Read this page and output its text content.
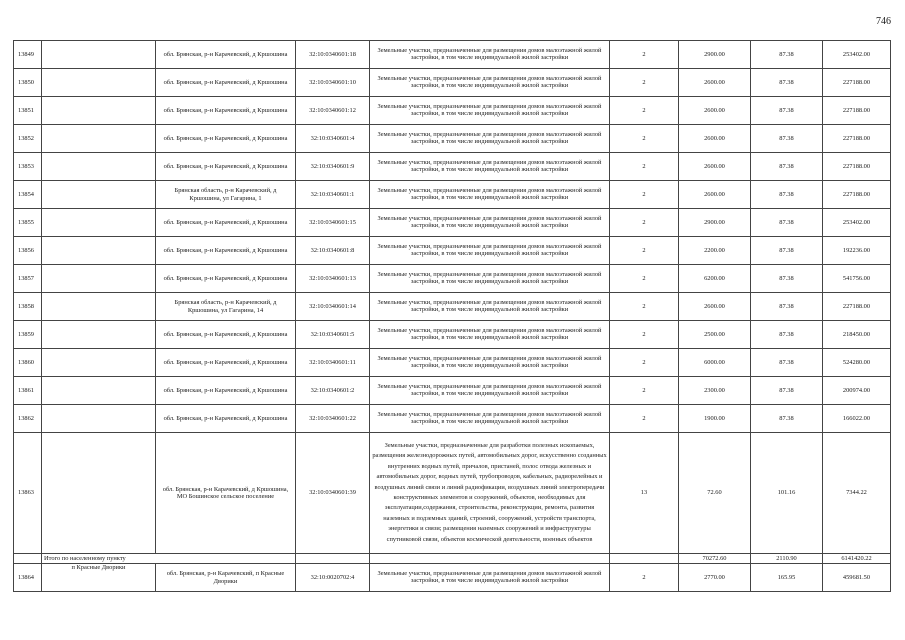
746
13849		обл. Брянская, р-н Карачевский, д Кршошина	32:10:0340601:18	Земельные участки, предназначенные для размещения домов малоэтажной жилой застройки, в том числе индивидуальной жилой застройки	2	2900.00	87.38	253402.00
13850		обл. Брянская, р-н Карачевский, д Кршошина	32:10:0340601:10	Земельные участки, предназначенные для размещения домов малоэтажной жилой застройки, в том числе индивидуальной жилой застройки	2	2600.00	87.38	227188.00
13851		обл. Брянская, р-н Карачевский, д Кршошина	32:10:0340601:12	Земельные участки, предназначенные для размещения домов малоэтажной жилой застройки, в том числе индивидуальной жилой застройки	2	2600.00	87.38	227188.00
13852		обл. Брянская, р-н Карачевский, д Кршошина	32:10:0340601:4	Земельные участки, предназначенные для размещения домов малоэтажной жилой застройки, в том числе индивидуальной жилой застройки	2	2600.00	87.38	227188.00
13853		обл. Брянская, р-н Карачевский, д Кршошина	32:10:0340601:9	Земельные участки, предназначенные для размещения домов малоэтажной жилой застройки, в том числе индивидуальной жилой застройки	2	2600.00	87.38	227188.00
13854		Брянская область, р-н Карачевский, д Кршошина, ул Гагарина, 1	32:10:0340601:1	Земельные участки, предназначенные для размещения домов малоэтажной жилой застройки, в том числе индивидуальной жилой застройки	2	2600.00	87.38	227188.00
13855		обл. Брянская, р-н Карачевский, д Кршошина	32:10:0340601:15	Земельные участки, предназначенные для размещения домов малоэтажной жилой застройки, в том числе индивидуальной жилой застройки	2	2900.00	87.38	253402.00
13856		обл. Брянская, р-н Карачевский, д Кршошина	32:10:0340601:8	Земельные участки, предназначенные для размещения домов малоэтажной жилой застройки, в том числе индивидуальной жилой застройки	2	2200.00	87.38	192236.00
13857		обл. Брянская, р-н Карачевский, д Кршошина	32:10:0340601:13	Земельные участки, предназначенные для размещения домов малоэтажной жилой застройки, в том числе индивидуальной жилой застройки	2	6200.00	87.38	541756.00
13858		Брянская область, р-н Карачевский, д Кршошина, ул Гагарина, 14	32:10:0340601:14	Земельные участки, предназначенные для размещения домов малоэтажной жилой застройки, в том числе индивидуальной жилой застройки	2	2600.00	87.38	227188.00
13859		обл. Брянская, р-н Карачевский, д Кршошина	32:10:0340601:5	Земельные участки, предназначенные для размещения домов малоэтажной жилой застройки, в том числе индивидуальной жилой застройки	2	2500.00	87.38	218450.00
13860		обл. Брянская, р-н Карачевский, д Кршошина	32:10:0340601:11	Земельные участки, предназначенные для размещения домов малоэтажной жилой застройки, в том числе индивидуальной жилой застройки	2	6000.00	87.38	524280.00
13861		обл. Брянская, р-н Карачевский, д Кршошина	32:10:0340601:2	Земельные участки, предназначенные для размещения домов малоэтажной жилой застройки, в том числе индивидуальной жилой застройки	2	2300.00	87.38	200974.00
13862		обл. Брянская, р-н Карачевский, д Кршошина	32:10:0340601:22	Земельные участки, предназначенные для размещения домов малоэтажной жилой застройки, в том числе индивидуальной жилой застройки	2	1900.00	87.38	166022.00
13863		обл. Брянская, р-н Карачевский, д Кршошина, МО Бошинское сельское поселение	32:10:0340601:39	Земельные участки, предназначенные для разработки полезных ископаемых, размещения железнодорожных путей, автомобильных дорог, искусственно созданных внутренних водных путей, причалов, пристаней, полос отвода железных и автомобильных дорог, водных путей, трубопроводов, кабельных, радиорелейных и воздушных линий связи и линий радиофикации, воздушных линий электропередачи конструктивных элементов и сооружений, объектов, необходимых для эксплуатации,содержания, строительства, реконструкции, ремонта, развития наземных и подземных зданий, строений, сооружений, устройств транспорта, энергетики и связи; размещения наземных сооружений и инфраструктуры спутниковой связи, объектов космической деятельности, военных объектов	13	72.60	101.16	7344.22
	Итого по населенному пункту					70272.60	2110.90	6141420.22
13864	п Красные Дворики	обл. Брянская, р-н Карачевский, п Красные Дворики	32:10:0020702:4	Земельные участки, предназначенные для размещения домов малоэтажной жилой застройки, в том числе индивидуальной жилой застройки	2	2770.00	165.95	459681.50
